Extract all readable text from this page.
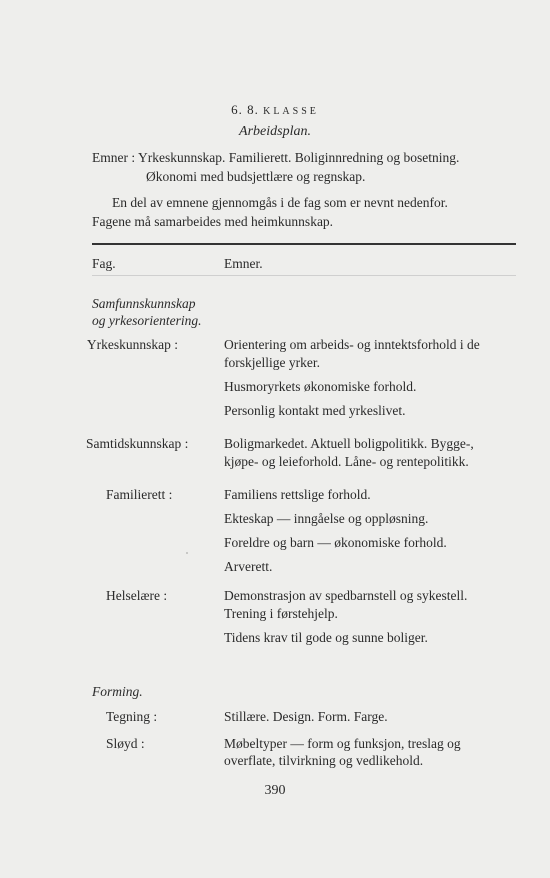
6. 8. KLASSE
Arbeidsplan.
Emner : Yrkeskunnskap. Familierett. Boliginnredning og bosetning.
Økonomi med budsjettlære og regnskap.
En del av emnene gjennomgås i de fag som er nevnt nedenfor.
Fagene må samarbeides med heimkunnskap.
Fag.	Emner.
Samfunnskunnskap
og yrkesorientering.
Yrkeskunnskap :	Orientering om arbeids- og inntektsforhold i de
forskjellige yrker.
Husmoryrkets økonomiske forhold.
Personlig kontakt med yrkeslivet.
Samtidskunnskap :	Boligmarkedet. Aktuell boligpolitikk. Bygge-,
kjøpe- og leieforhold. Låne- og rentepolitikk.
Familierett :	Familiens rettslige forhold.
Ekteskap — inngåelse og oppløsning.
Foreldre og barn — økonomiske forhold.
Arverett.
Helselære :	Demonstrasjon av spedbarnstell og sykestell.
Trening i førstehjelp.
Tidens krav til gode og sunne boliger.
Forming.
Tegning :	Stillære. Design. Form. Farge.
Sløyd :	Møbeltyper — form og funksjon, treslag og
overflate, tilvirkning og vedlikehold.
390
